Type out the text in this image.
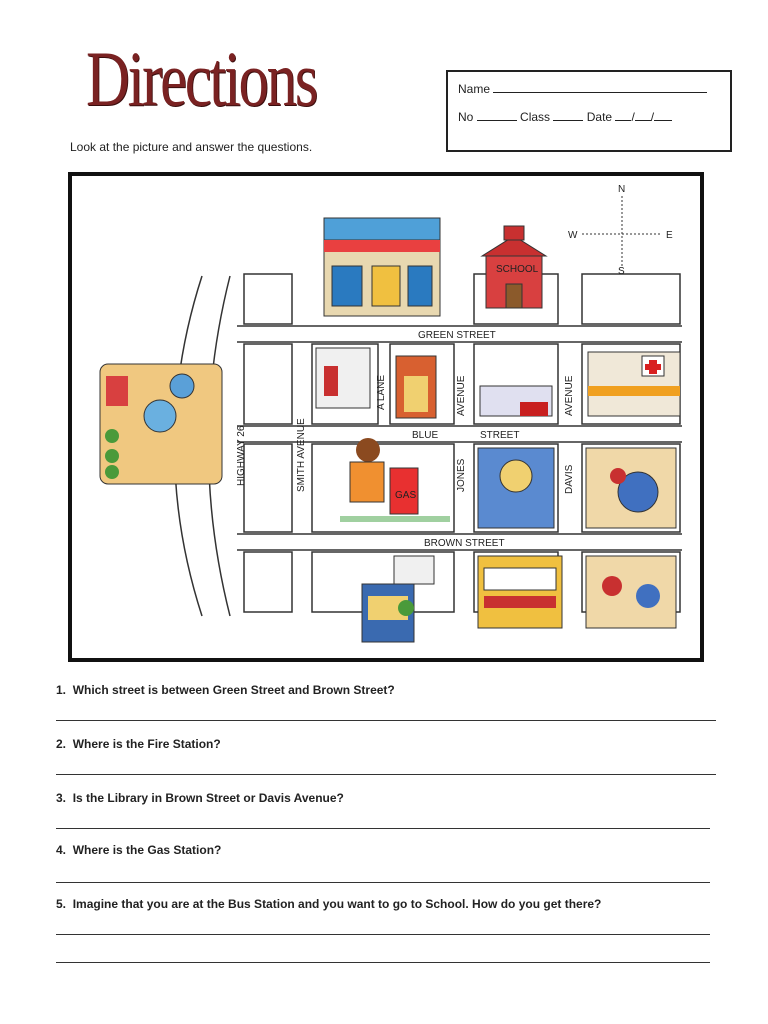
Directions	Name
No	Class	Date / /
Look at the picture and answer the questions.
N
S
E
W
SCHOOL
GAS
GREEN STREET
BLUE	STREET
BROWN STREET
HIGHWAY 26	SMITH AVENUE
A LANE	AVENUE
JONES	DAVIS
AVENUE
1. Which street is between Green Street and Brown Street?
2. Where is the Fire Station?
3. Is the Library in Brown Street or Davis Avenue?
4. Where is the Gas Station?
5. Imagine that you are at the Bus Station and you want to go to School. How do you get there?
